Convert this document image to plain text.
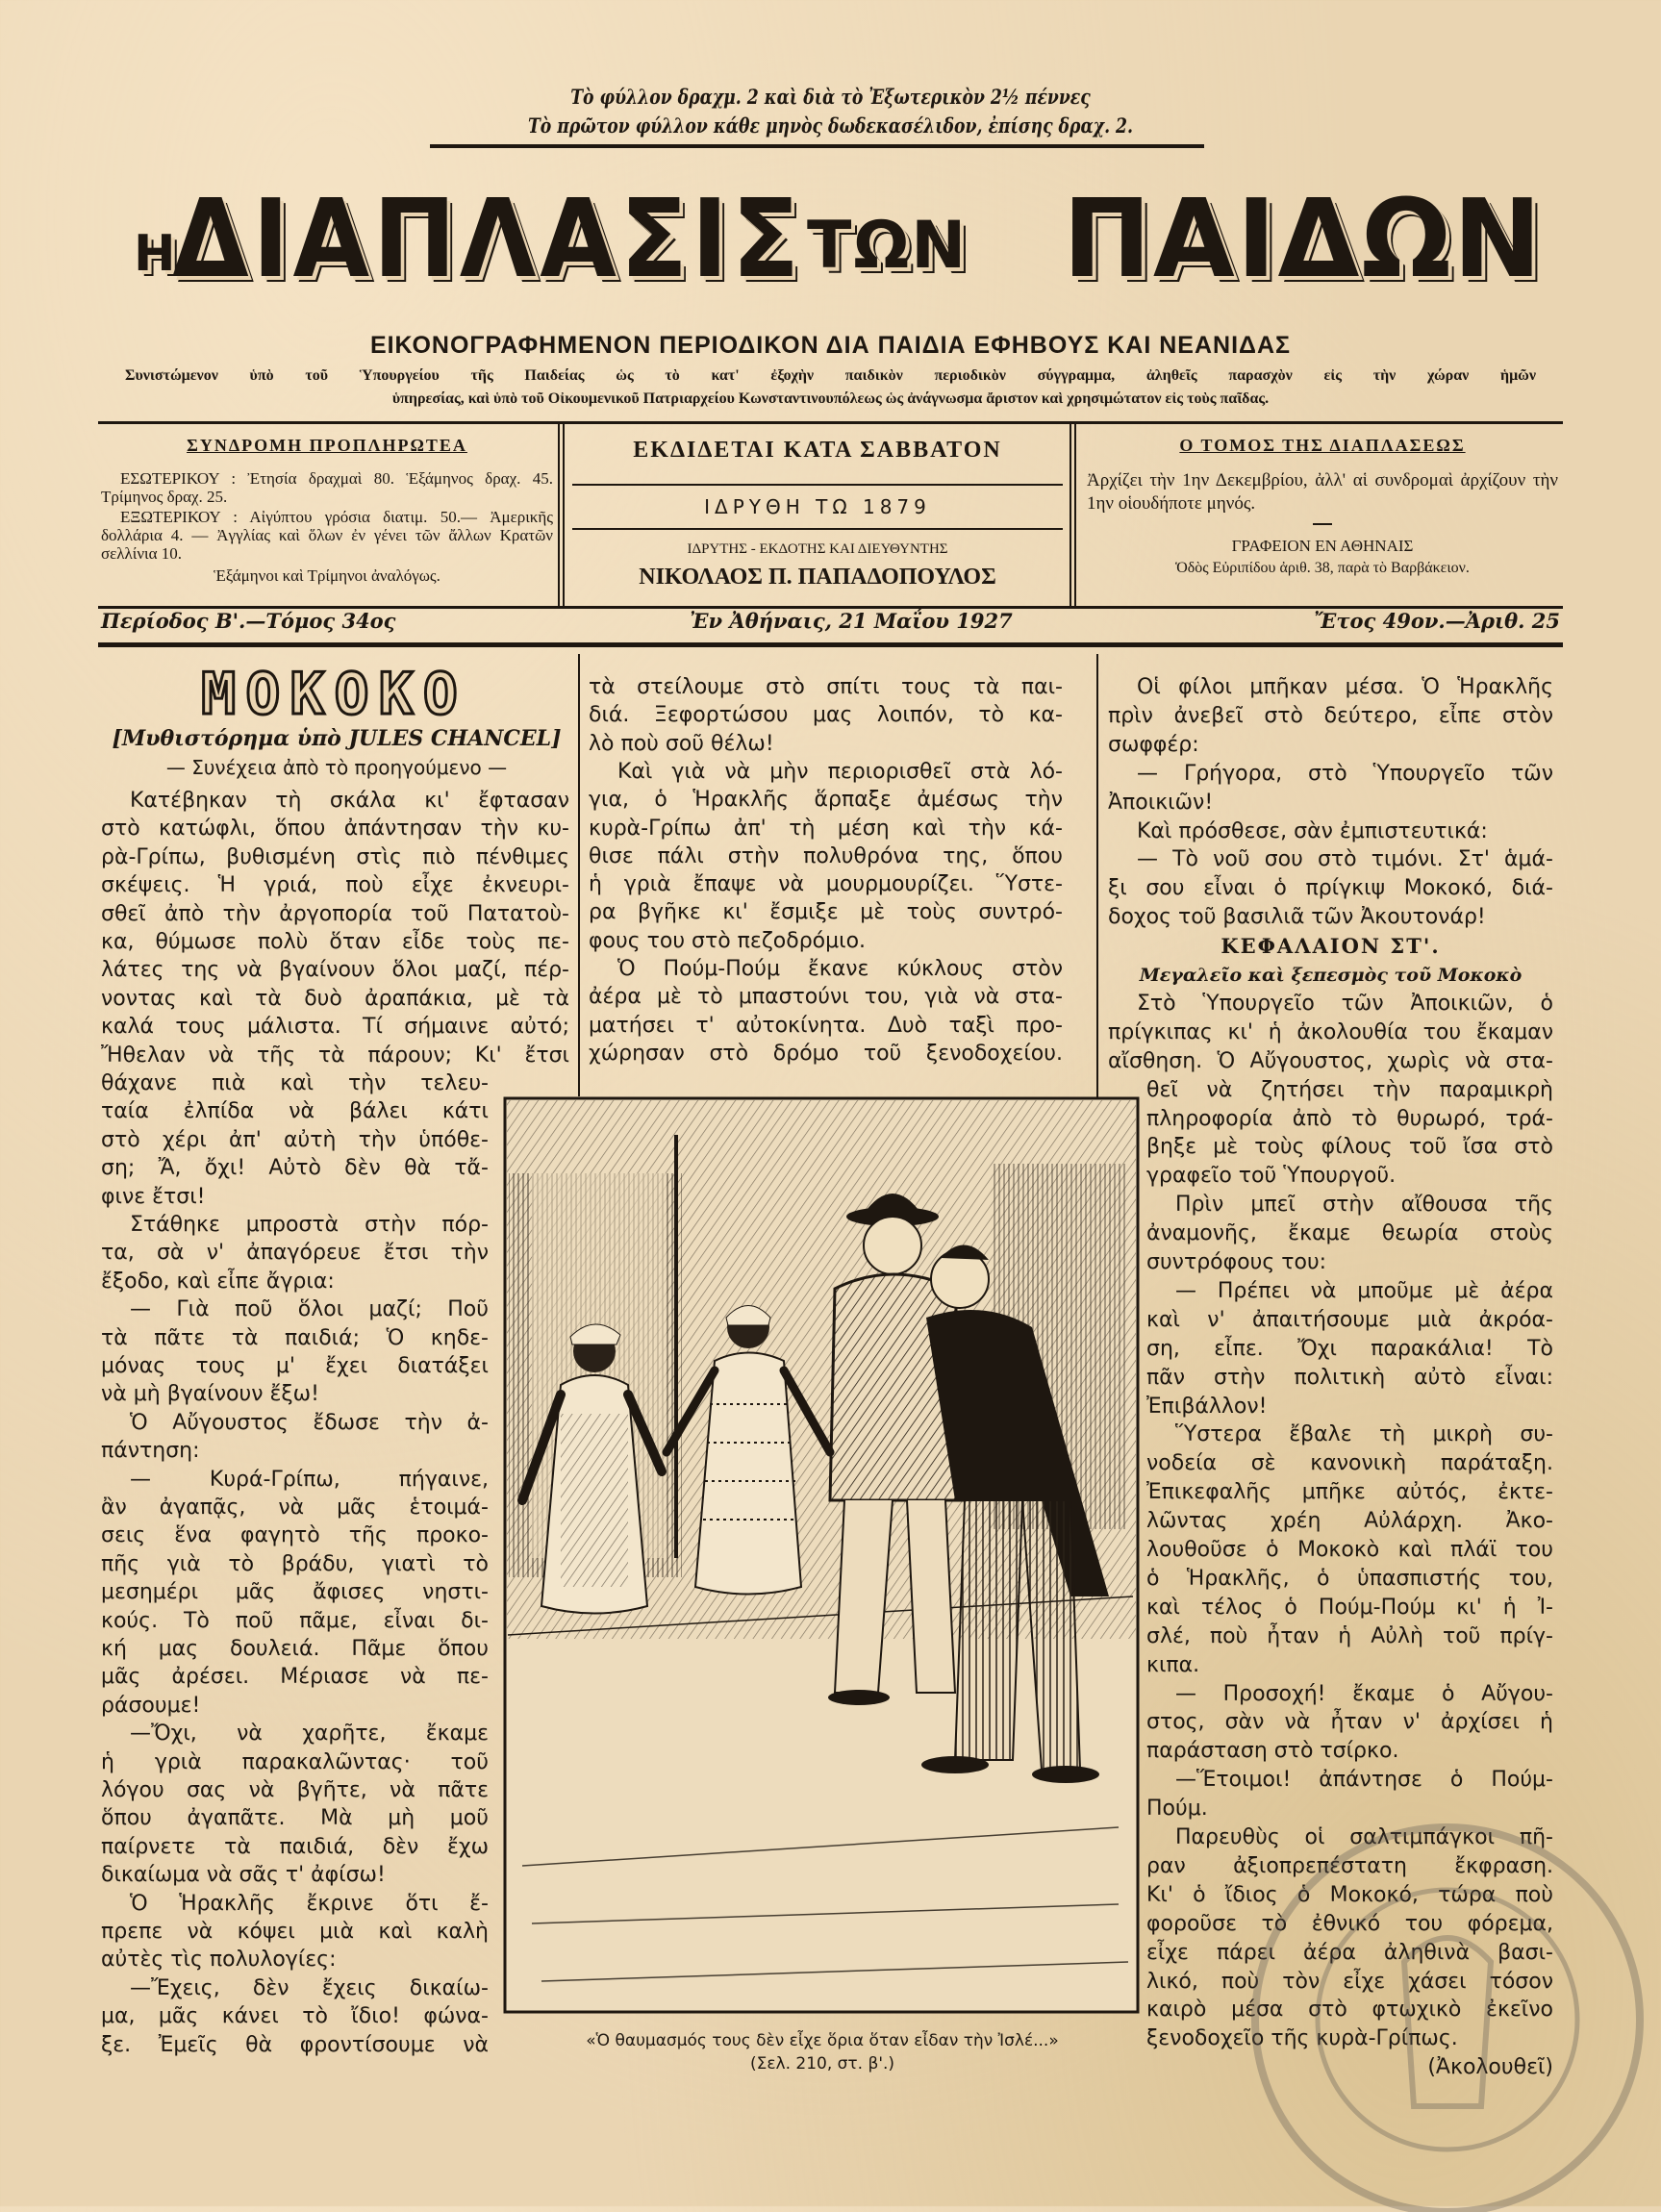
Τὸ φύλλον δραχμ. 2 καὶ διὰ τὸ Ἐξωτερικὸν 2½ πέννες
Τὸ πρῶτον φύλλον κάθε μηνὸς δωδεκασέλιδον, ἐπίσης δραχ. 2.
Η
ΔΙΑΠΛΑΣΙΣ ΤΩΝ ΠΑΙΔΩΝ
ΕΙΚΟΝΟΓΡΑΦΗΜΕΝΟΝ ΠΕΡΙΟΔΙΚΟΝ ΔΙΑ ΠΑΙΔΙΑ ΕΦΗΒΟΥΣ ΚΑΙ ΝΕΑΝΙΔΑΣ
Συνιστώμενον ὑπὸ τοῦ Ὑπουργείου τῆς Παιδείας ὡς τὸ κατ' ἐξοχὴν παιδικὸν περιοδικὸν σύγγραμμα, ἀληθεῖς παρασχὸν εἰς τὴν χώραν ἡμῶν
ὑπηρεσίας, καὶ ὑπὸ τοῦ Οἰκουμενικοῦ Πατριαρχείου Κωνσταντινουπόλεως ὡς ἀνάγνωσμα ἄριστον καὶ χρησιμώτατον εἰς τοὺς παῖδας.
ΣΥΝΔΡΟΜΗ ΠΡΟΠΛΗΡΩΤΕΑ
ΕΣΩΤΕΡΙΚΟΥ : Ἐτησία δραχμαὶ 80. Ἑξάμηνος δραχ. 45. Τρίμηνος δραχ. 25.
ΕΞΩΤΕΡΙΚΟΥ : Αἰγύπτου γρόσια διατιμ. 50.— Ἀμερικῆς δολλάρια 4. — Ἀγγλίας καὶ ὅλων ἐν γένει τῶν ἄλλων Κρατῶν σελλίνια 10.
Ἑξάμηνοι καὶ Τρίμηνοι ἀναλόγως.
ΕΚΔΙΔΕΤΑΙ ΚΑΤΑ ΣΑΒΒΑΤΟΝ
ΙΔΡΥΘΗ ΤΩ 1879
ΙΔΡΥΤΗΣ - ΕΚΔΟΤΗΣ ΚΑΙ ΔΙΕΥΘΥΝΤΗΣ
ΝΙΚΟΛΑΟΣ Π. ΠΑΠΑΔΟΠΟΥΛΟΣ
Ο ΤΟΜΟΣ ΤΗΣ ΔΙΑΠΛΑΣΕΩΣ
Ἀρχίζει τὴν 1ην Δεκεμβρίου, ἀλλ' αἱ συνδρομαὶ ἀρχίζουν τὴν 1ην οἱουδήποτε μηνός.
ΓΡΑΦΕΙΟΝ ΕΝ ΑΘΗΝΑΙΣ
Ὁδὸς Εὐριπίδου ἀριθ. 38, παρὰ τὸ Βαρβάκειον.
Περίοδος Β'.—Τόμος 34ος	Ἐν Ἀθήναις, 21 Μαΐου 1927	Ἔτος 49ον.—Ἀριθ. 25
ΜΟΚΟΚΟ
[Μυθιστόρημα ὑπὸ JULES CHANCEL]
— Συνέχεια ἀπὸ τὸ προηγούμενο —
Κατέβηκαν τὴ σκάλα κι' ἔφτασαν
στὸ κατώφλι, ὅπου ἀπάντησαν τὴν κυ-
ρὰ-Γρίπω, βυθισμένη στὶς πιὸ πένθιμες
σκέψεις. Ἡ γριά, ποὺ εἶχε ἐκνευρι-
σθεῖ ἀπὸ τὴν ἀργοπορία τοῦ Πατατοὺ-
κα, θύμωσε πολὺ ὅταν εἶδε τοὺς πε-
λάτες της νὰ βγαίνουν ὅλοι μαζί, πέρ-
νοντας καὶ τὰ δυὸ ἀραπάκια, μὲ τὰ
καλά τους μάλιστα. Τί σήμαινε αὐτό;
Ἤθελαν νὰ τῆς τὰ πάρουν; Κι' ἔτσι
θάχανε πιὰ καὶ τὴν τελευ-
ταία ἐλπίδα νὰ βάλει κάτι
στὸ χέρι ἀπ' αὐτὴ τὴν ὑπόθε-
ση; Ἄ, ὄχι! Αὐτὸ δὲν θὰ τἄ-
φινε ἔτσι!
Στάθηκε μπροστὰ στὴν πόρ-
τα, σὰ ν' ἀπαγόρευε ἔτσι τὴν
ἔξοδο, καὶ εἶπε ἄγρια:
— Γιὰ ποῦ ὅλοι μαζί; Ποῦ
τὰ πᾶτε τὰ παιδιά; Ὁ κηδε-
μόνας τους μ' ἔχει διατάξει
νὰ μὴ βγαίνουν ἔξω!
Ὁ Αὔγουστος ἔδωσε τὴν ἀ-
πάντηση:
— Κυρά-Γρίπω, πήγαινε,
ἂν ἀγαπᾷς, νὰ μᾶς ἑτοιμά-
σεις ἕνα φαγητὸ τῆς προκο-
πῆς γιὰ τὸ βράδυ, γιατὶ τὸ
μεσημέρι μᾶς ἄφισες νηστι-
κούς. Τὸ ποῦ πᾶμε, εἶναι δι-
κή μας δουλειά. Πᾶμε ὅπου
μᾶς ἀρέσει. Μέριασε νὰ πε-
ράσουμε!
—Ὄχι, νὰ χαρῆτε, ἔκαμε
ἡ γριὰ παρακαλῶντας· τοῦ
λόγου σας νὰ βγῆτε, νὰ πᾶτε
ὅπου ἀγαπᾶτε. Μὰ μὴ μοῦ
παίρνετε τὰ παιδιά, δὲν ἔχω
δικαίωμα νὰ σᾶς τ' ἀφίσω!
Ὁ Ἡρακλῆς ἔκρινε ὅτι ἔ-
πρεπε νὰ κόψει μιὰ καὶ καλὴ
αὐτὲς τὶς πολυλογίες:
—Ἔχεις, δὲν ἔχεις δικαίω-
μα, μᾶς κάνει τὸ ἴδιο! φώνα-
ξε. Ἐμεῖς θὰ φροντίσουμε νὰ
τὰ στείλουμε στὸ σπίτι τους τὰ παι-
διά. Ξεφορτώσου μας λοιπόν, τὸ κα-
λὸ ποὺ σοῦ θέλω!
Καὶ γιὰ νὰ μὴν περιορισθεῖ στὰ λό-
για, ὁ Ἡρακλῆς ἅρπαξε ἀμέσως τὴν
κυρὰ-Γρίπω ἀπ' τὴ μέση καὶ τὴν κά-
θισε πάλι στὴν πολυθρόνα της, ὅπου
ἡ γριὰ ἔπαψε νὰ μουρμουρίζει. Ὕστε-
ρα βγῆκε κι' ἔσμιξε μὲ τοὺς συντρό-
φους του στὸ πεζοδρόμιο.
Ὁ Πούμ-Πούμ ἔκανε κύκλους στὸν
ἀέρα μὲ τὸ μπαστούνι του, γιὰ νὰ στα-
ματήσει τ' αὐτοκίνητα. Δυὸ ταξὶ προ-
χώρησαν στὸ δρόμο τοῦ ξενοδοχείου.
Οἱ φίλοι μπῆκαν μέσα. Ὁ Ἡρακλῆς
πρὶν ἀνεβεῖ στὸ δεύτερο, εἶπε στὸν
σωφφέρ:
— Γρήγορα, στὸ Ὑπουργεῖο τῶν
Ἀποικιῶν!
Καὶ πρόσθεσε, σὰν ἐμπιστευτικά:
— Τὸ νοῦ σου στὸ τιμόνι. Στ' ἁμά-
ξι σου εἶναι ὁ πρίγκιψ Μοκοκό, διά-
δοχος τοῦ βασιλιᾶ τῶν Ἀκουτονάρ!
ΚΕΦΑΛΑΙΟΝ ΣΤ'.
Μεγαλεῖο καὶ ξεπεσμὸς τοῦ Μοκοκὸ
Στὸ Ὑπουργεῖο τῶν Ἀποικιῶν, ὁ
πρίγκιπας κι' ἡ ἀκολουθία του ἔκαμαν
αἴσθηση. Ὁ Αὔγουστος, χωρὶς νὰ στα-
θεῖ νὰ ζητήσει τὴν παραμικρὴ
πληροφορία ἀπὸ τὸ θυρωρό, τρά-
βηξε μὲ τοὺς φίλους τοῦ ἴσα στὸ
γραφεῖο τοῦ Ὑπουργοῦ.
Πρὶν μπεῖ στὴν αἴθουσα τῆς
ἀναμονῆς, ἔκαμε θεωρία στοὺς
συντρόφους του:
— Πρέπει νὰ μποῦμε μὲ ἀέρα
καὶ ν' ἀπαιτήσουμε μιὰ ἀκρόα-
ση, εἶπε. Ὄχι παρακάλια! Τὸ
πᾶν στὴν πολιτικὴ αὐτὸ εἶναι:
Ἐπιβάλλον!
Ὕστερα ἔβαλε τὴ μικρὴ συ-
νοδεία σὲ κανονικὴ παράταξη.
Ἐπικεφαλῆς μπῆκε αὐτός, ἐκτε-
λῶντας χρέη Αὐλάρχη. Ἀκο-
λουθοῦσε ὁ Μοκοκὸ καὶ πλάϊ του
ὁ Ἡρακλῆς, ὁ ὑπασπιστής του,
καὶ τέλος ὁ Πούμ-Πούμ κι' ἡ Ἰ-
σλέ, ποὺ ἦταν ἡ Αὐλὴ τοῦ πρίγ-
κιπα.
— Προσοχή! ἔκαμε ὁ Αὔγου-
στος, σὰν νὰ ἦταν ν' ἀρχίσει ἡ
παράσταση στὸ τσίρκο.
—Ἕτοιμοι! ἀπάντησε ὁ Πούμ-
Πούμ.
Παρευθὺς οἱ σαλτιμπάγκοι πῆ-
ραν ἀξιοπρεπέστατη ἔκφραση.
Κι' ὁ ἴδιος ὁ Μοκοκό, τώρα ποὺ
φοροῦσε τὸ ἐθνικό του φόρεμα,
εἶχε πάρει ἀέρα ἀληθινὰ βασι-
λικό, ποὺ τὸν εἶχε χάσει τόσον
καιρὸ μέσα στὸ φτωχικὸ ἐκεῖνο
ξενοδοχεῖο τῆς κυρὰ-Γρίπως.
(Ἀκολουθεῖ)
«Ὁ θαυμασμός τους δὲν εἶχε ὅρια ὅταν εἶδαν τὴν Ἰσλέ...»
(Σελ. 210, στ. β'.)
